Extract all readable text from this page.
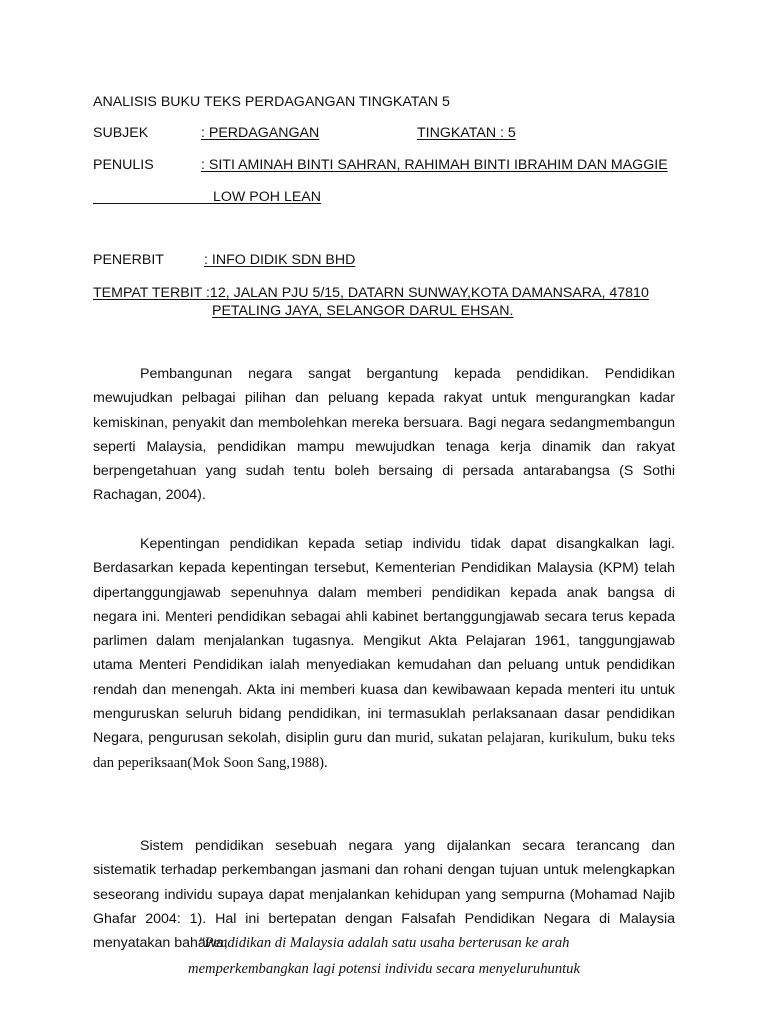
ANALISIS BUKU TEKS PERDAGANGAN TINGKATAN 5
SUBJEK	: PERDAGANGAN	TINGKATAN : 5
PENULIS	: SITI AMINAH BINTI SAHRAN, RAHIMAH BINTI IBRAHIM DAN MAGGIE
LOW POH LEAN
PENERBIT	: INFO DIDIK SDN BHD
TEMPAT TERBIT :12, JALAN PJU 5/15, DATARN SUNWAY,KOTA DAMANSARA, 47810
PETALING JAYA, SELANGOR DARUL EHSAN.

Pembangunan negara sangat bergantung kepada pendidikan. Pendidikan mewujudkan pelbagai pilihan dan peluang kepada rakyat untuk mengurangkan kadar kemiskinan, penyakit dan membolehkan mereka bersuara. Bagi negara sedangmembangun seperti Malaysia, pendidikan mampu mewujudkan tenaga kerja dinamik dan rakyat berpengetahuan yang sudah tentu boleh bersaing di persada antarabangsa (S Sothi Rachagan, 2004).

Kepentingan pendidikan kepada setiap individu tidak dapat disangkalkan lagi. Berdasarkan kepada kepentingan tersebut, Kementerian Pendidikan Malaysia (KPM) telah dipertanggungjawab sepenuhnya dalam memberi pendidikan kepada anak bangsa di negara ini. Menteri pendidikan sebagai ahli kabinet bertanggungjawab secara terus kepada parlimen dalam menjalankan tugasnya. Mengikut Akta Pelajaran 1961, tanggungjawab utama Menteri Pendidikan ialah menyediakan kemudahan dan peluang untuk pendidikan rendah dan menengah. Akta ini memberi kuasa dan kewibawaan kepada menteri itu untuk menguruskan seluruh bidang pendidikan, ini termasuklah perlaksanaan dasar pendidikan Negara, pengurusan sekolah, disiplin guru dan murid, sukatan pelajaran, kurikulum, buku teks dan peperiksaan(Mok Soon Sang,1988).

Sistem pendidikan sesebuah negara yang dijalankan secara terancang dan sistematik terhadap perkembangan jasmani dan rohani dengan tujuan untuk melengkapkan seseorang individu supaya dapat menjalankan kehidupan yang sempurna (Mohamad Najib Ghafar 2004: 1). Hal ini bertepatan dengan Falsafah Pendidikan Negara di Malaysia menyatakan bahawa;

"Pendidikan di Malaysia adalah satu usaha berterusan ke arah
memperkembangkan lagi potensi individu secara menyeluruhuntuk
